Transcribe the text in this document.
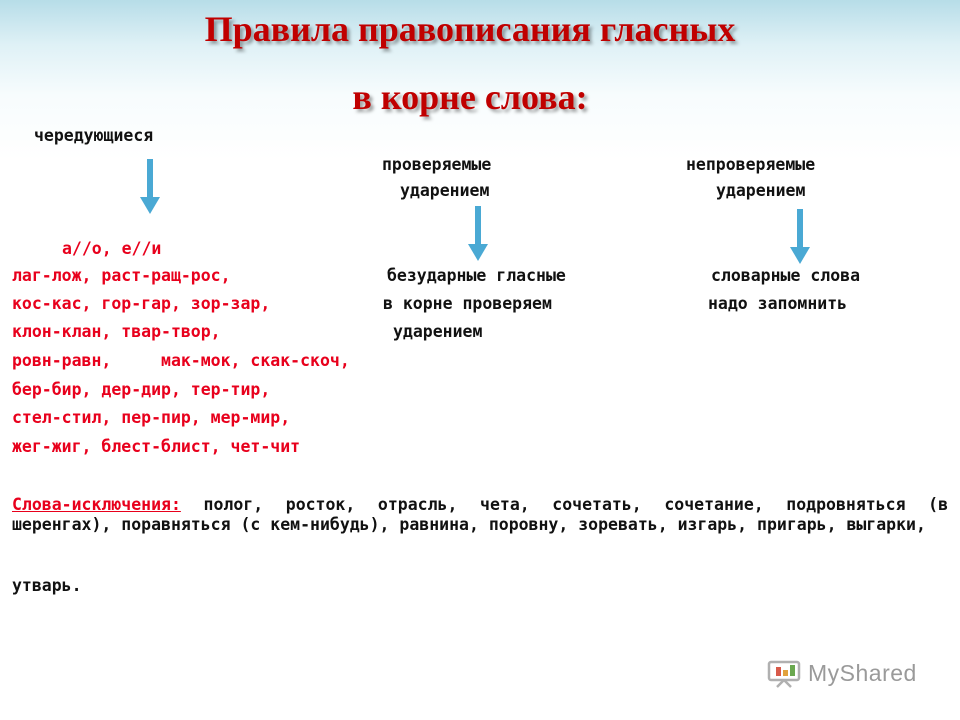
Правила правописания гласных
в корне слова:
чередующиеся
проверяемые
ударением
непроверяемые
ударением
а//о, е//и
лаг-лож, раст-ращ-рос,
кос-кас, гор-гар, зор-зар,
клон-клан, твар-твор,
ровн-равн,     мак-мок, скак-скоч,
бер-бир, дер-дир, тер-тир,
стел-стил, пер-пир, мер-мир,
жег-жиг, блест-блист, чет-чит
безударные гласные
в корне проверяем
ударением
словарные слова
надо запомнить
Слова-исключения: полог, росток, отрасль, чета, сочетать, сочетание, подровняться (в шеренгах), поравняться (с кем-нибудь), равнина, поровну, зоревать, изгарь, пригарь, выгарки,
утварь.
MyShared
